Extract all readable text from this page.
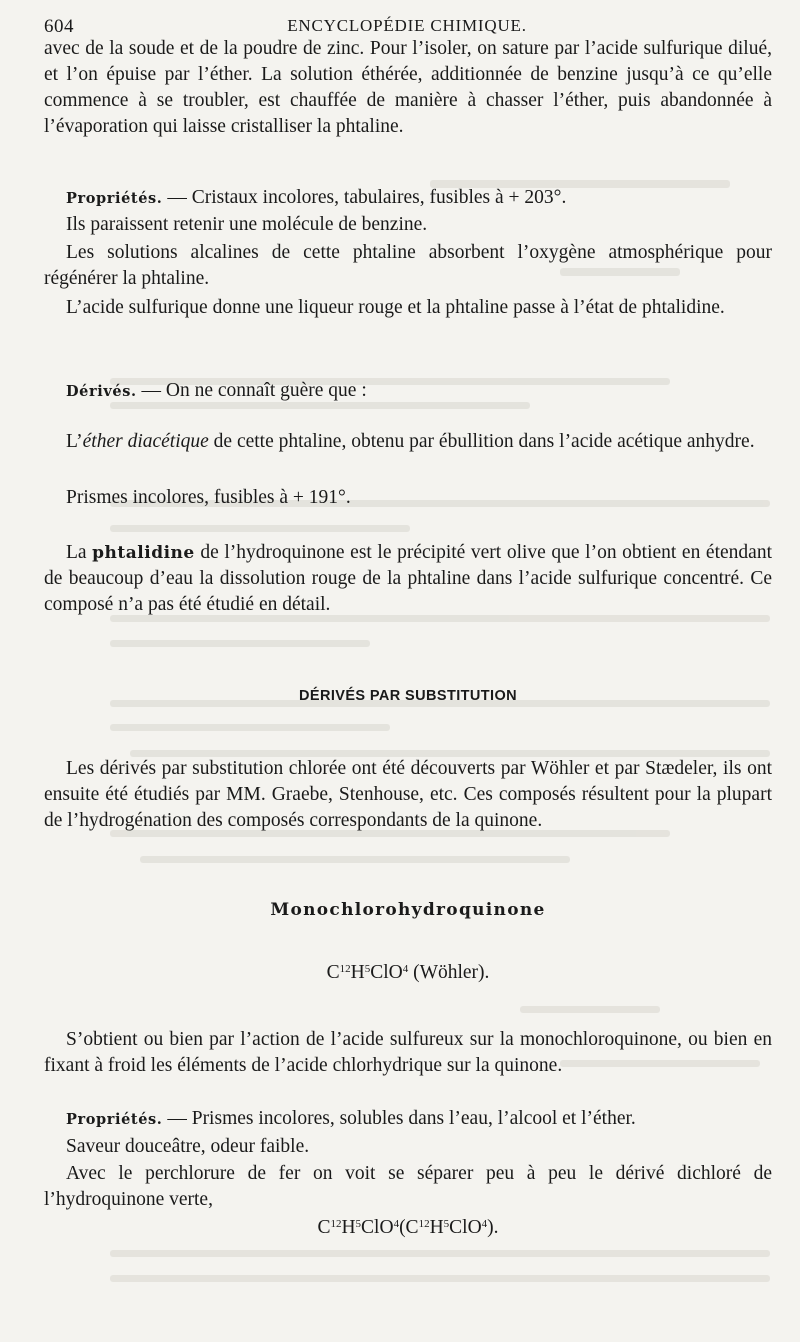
604	ENCYCLOPÉDIE CHIMIQUE.

avec de la soude et de la poudre de zinc. Pour l’isoler, on sature par l’acide sulfurique dilué, et l’on épuise par l’éther. La solution éthérée, additionnée de benzine jusqu’à ce qu’elle commence à se troubler, est chauffée de manière à chasser l’éther, puis abandonnée à l’évaporation qui laisse cristalliser la phtaline.

Propriétés. — Cristaux incolores, tabulaires, fusibles à + 203°.

Ils paraissent retenir une molécule de benzine.

Les solutions alcalines de cette phtaline absorbent l’oxygène atmosphérique pour régénérer la phtaline.

L’acide sulfurique donne une liqueur rouge et la phtaline passe à l’état de phtalidine.

Dérivés. — On ne connaît guère que :

L’éther diacétique de cette phtaline, obtenu par ébullition dans l’acide acétique anhydre.

Prismes incolores, fusibles à + 191°.

La phtalidine de l’hydroquinone est le précipité vert olive que l’on obtient en étendant de beaucoup d’eau la dissolution rouge de la phtaline dans l’acide sulfurique concentré. Ce composé n’a pas été étudié en détail.

DÉRIVÉS PAR SUBSTITUTION

Les dérivés par substitution chlorée ont été découverts par Wöhler et par Stædeler, ils ont ensuite été étudiés par MM. Graebe, Stenhouse, etc. Ces composés résultent pour la plupart de l’hydrogénation des composés correspondants de la quinone.

Monochlorohydroquinone
$C^{12}H^5ClO^4$ (Wöhler).

S’obtient ou bien par l’action de l’acide sulfureux sur la monochloroquinone, ou bien en fixant à froid les éléments de l’acide chlorhydrique sur la quinone.

Propriétés. — Prismes incolores, solubles dans l’eau, l’alcool et l’éther.

Saveur douceâtre, odeur faible.

Avec le perchlorure de fer on voit se séparer peu à peu le dérivé dichloré de l’hydroquinone verte,

$C^{12}H^5ClO^4(C^{12}H^5ClO^4)$.
